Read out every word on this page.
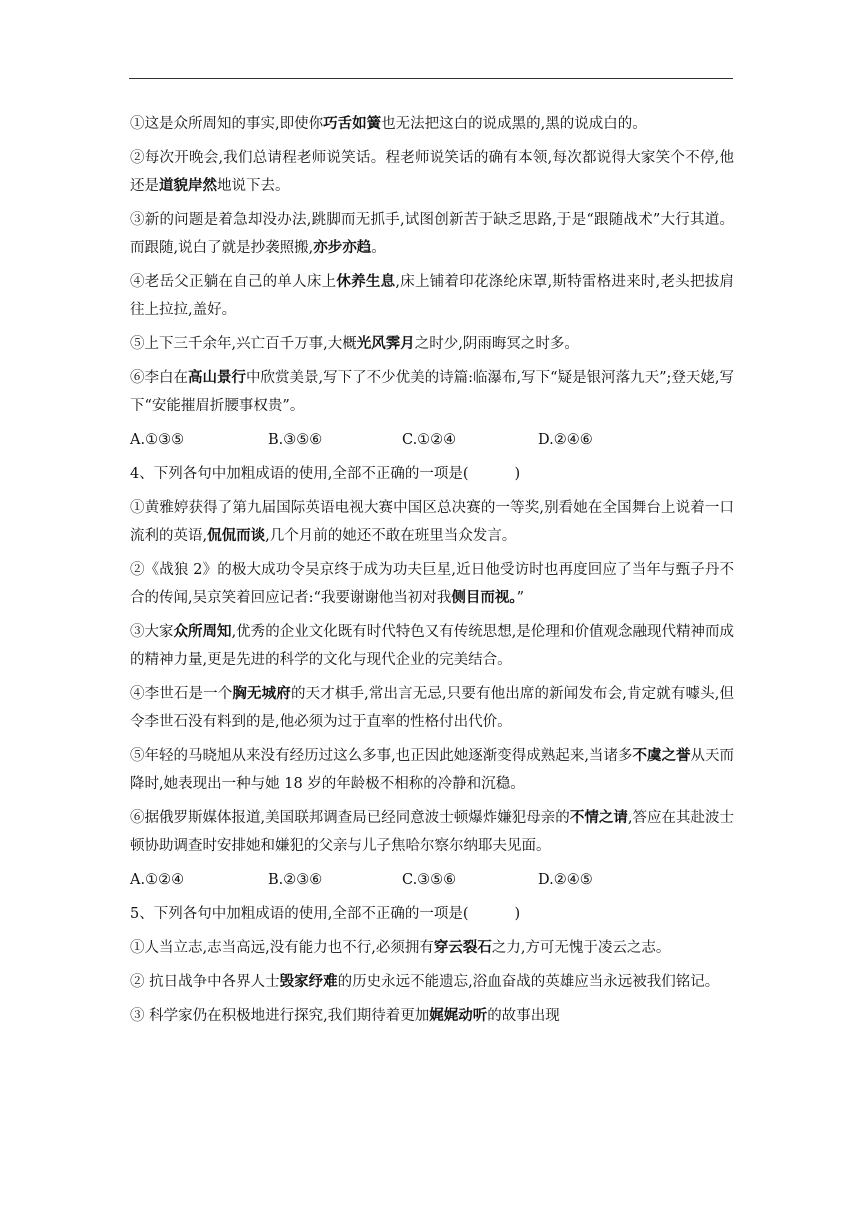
①这是众所周知的事实,即使你巧舌如簧也无法把这白的说成黑的,黑的说成白的。

②每次开晚会,我们总请程老师说笑话。程老师说笑话的确有本领,每次都说得大家笑个不停,他还是道貌岸然地说下去。

③新的问题是着急却没办法,跳脚而无抓手,试图创新苦于缺乏思路,于是“跟随战术”大行其道。而跟随,说白了就是抄袭照搬,亦步亦趋。

④老岳父正躺在自己的单人床上休养生息,床上铺着印花涤纶床罩,斯特雷格进来时,老头把拔肩往上拉拉,盖好。

⑤上下三千余年,兴亡百千万事,大概光风霁月之时少,阴雨晦冥之时多。

⑥李白在高山景行中欣赏美景,写下了不少优美的诗篇:临瀑布,写下“疑是银河落九天”;登天姥,写下“安能摧眉折腰事权贵”。

A.①③⑤	B.③⑤⑥	C.①②④	D.②④⑥

4、下列各句中加粗成语的使用,全部不正确的一项是(	)

①黄雅婷获得了第九届国际英语电视大赛中国区总决赛的一等奖,别看她在全国舞台上说着一口流利的英语,侃侃而谈,几个月前的她还不敢在班里当众发言。

②《战狼 2》的极大成功令吴京终于成为功夫巨星,近日他受访时也再度回应了当年与甄子丹不合的传闻,吴京笑着回应记者:“我要谢谢他当初对我侧目而视。”

③大家众所周知,优秀的企业文化既有时代特色又有传统思想,是伦理和价值观念融现代精神而成的精神力量,更是先进的科学的文化与现代企业的完美结合。

④李世石是一个胸无城府的天才棋手,常出言无忌,只要有他出席的新闻发布会,肯定就有噱头,但令李世石没有料到的是,他必须为过于直率的性格付出代价。

⑤年轻的马晓旭从来没有经历过这么多事,也正因此她逐渐变得成熟起来,当诸多不虞之誉从天而降时,她表现出一种与她 18 岁的年龄极不相称的冷静和沉稳。

⑥据俄罗斯媒体报道,美国联邦调查局已经同意波士顿爆炸嫌犯母亲的不情之请,答应在其赴波士顿协助调查时安排她和嫌犯的父亲与儿子焦哈尔察尔纳耶夫见面。

A.①②④	B.②③⑥	C.③⑤⑥	D.②④⑤

5、下列各句中加粗成语的使用,全部不正确的一项是(	)

①人当立志,志当高远,没有能力也不行,必须拥有穿云裂石之力,方可无愧于凌云之志。

② 抗日战争中各界人士毁家纾难的历史永远不能遗忘,浴血奋战的英雄应当永远被我们铭记。

③ 科学家仍在积极地进行探究,我们期待着更加娓娓动听的故事出现
